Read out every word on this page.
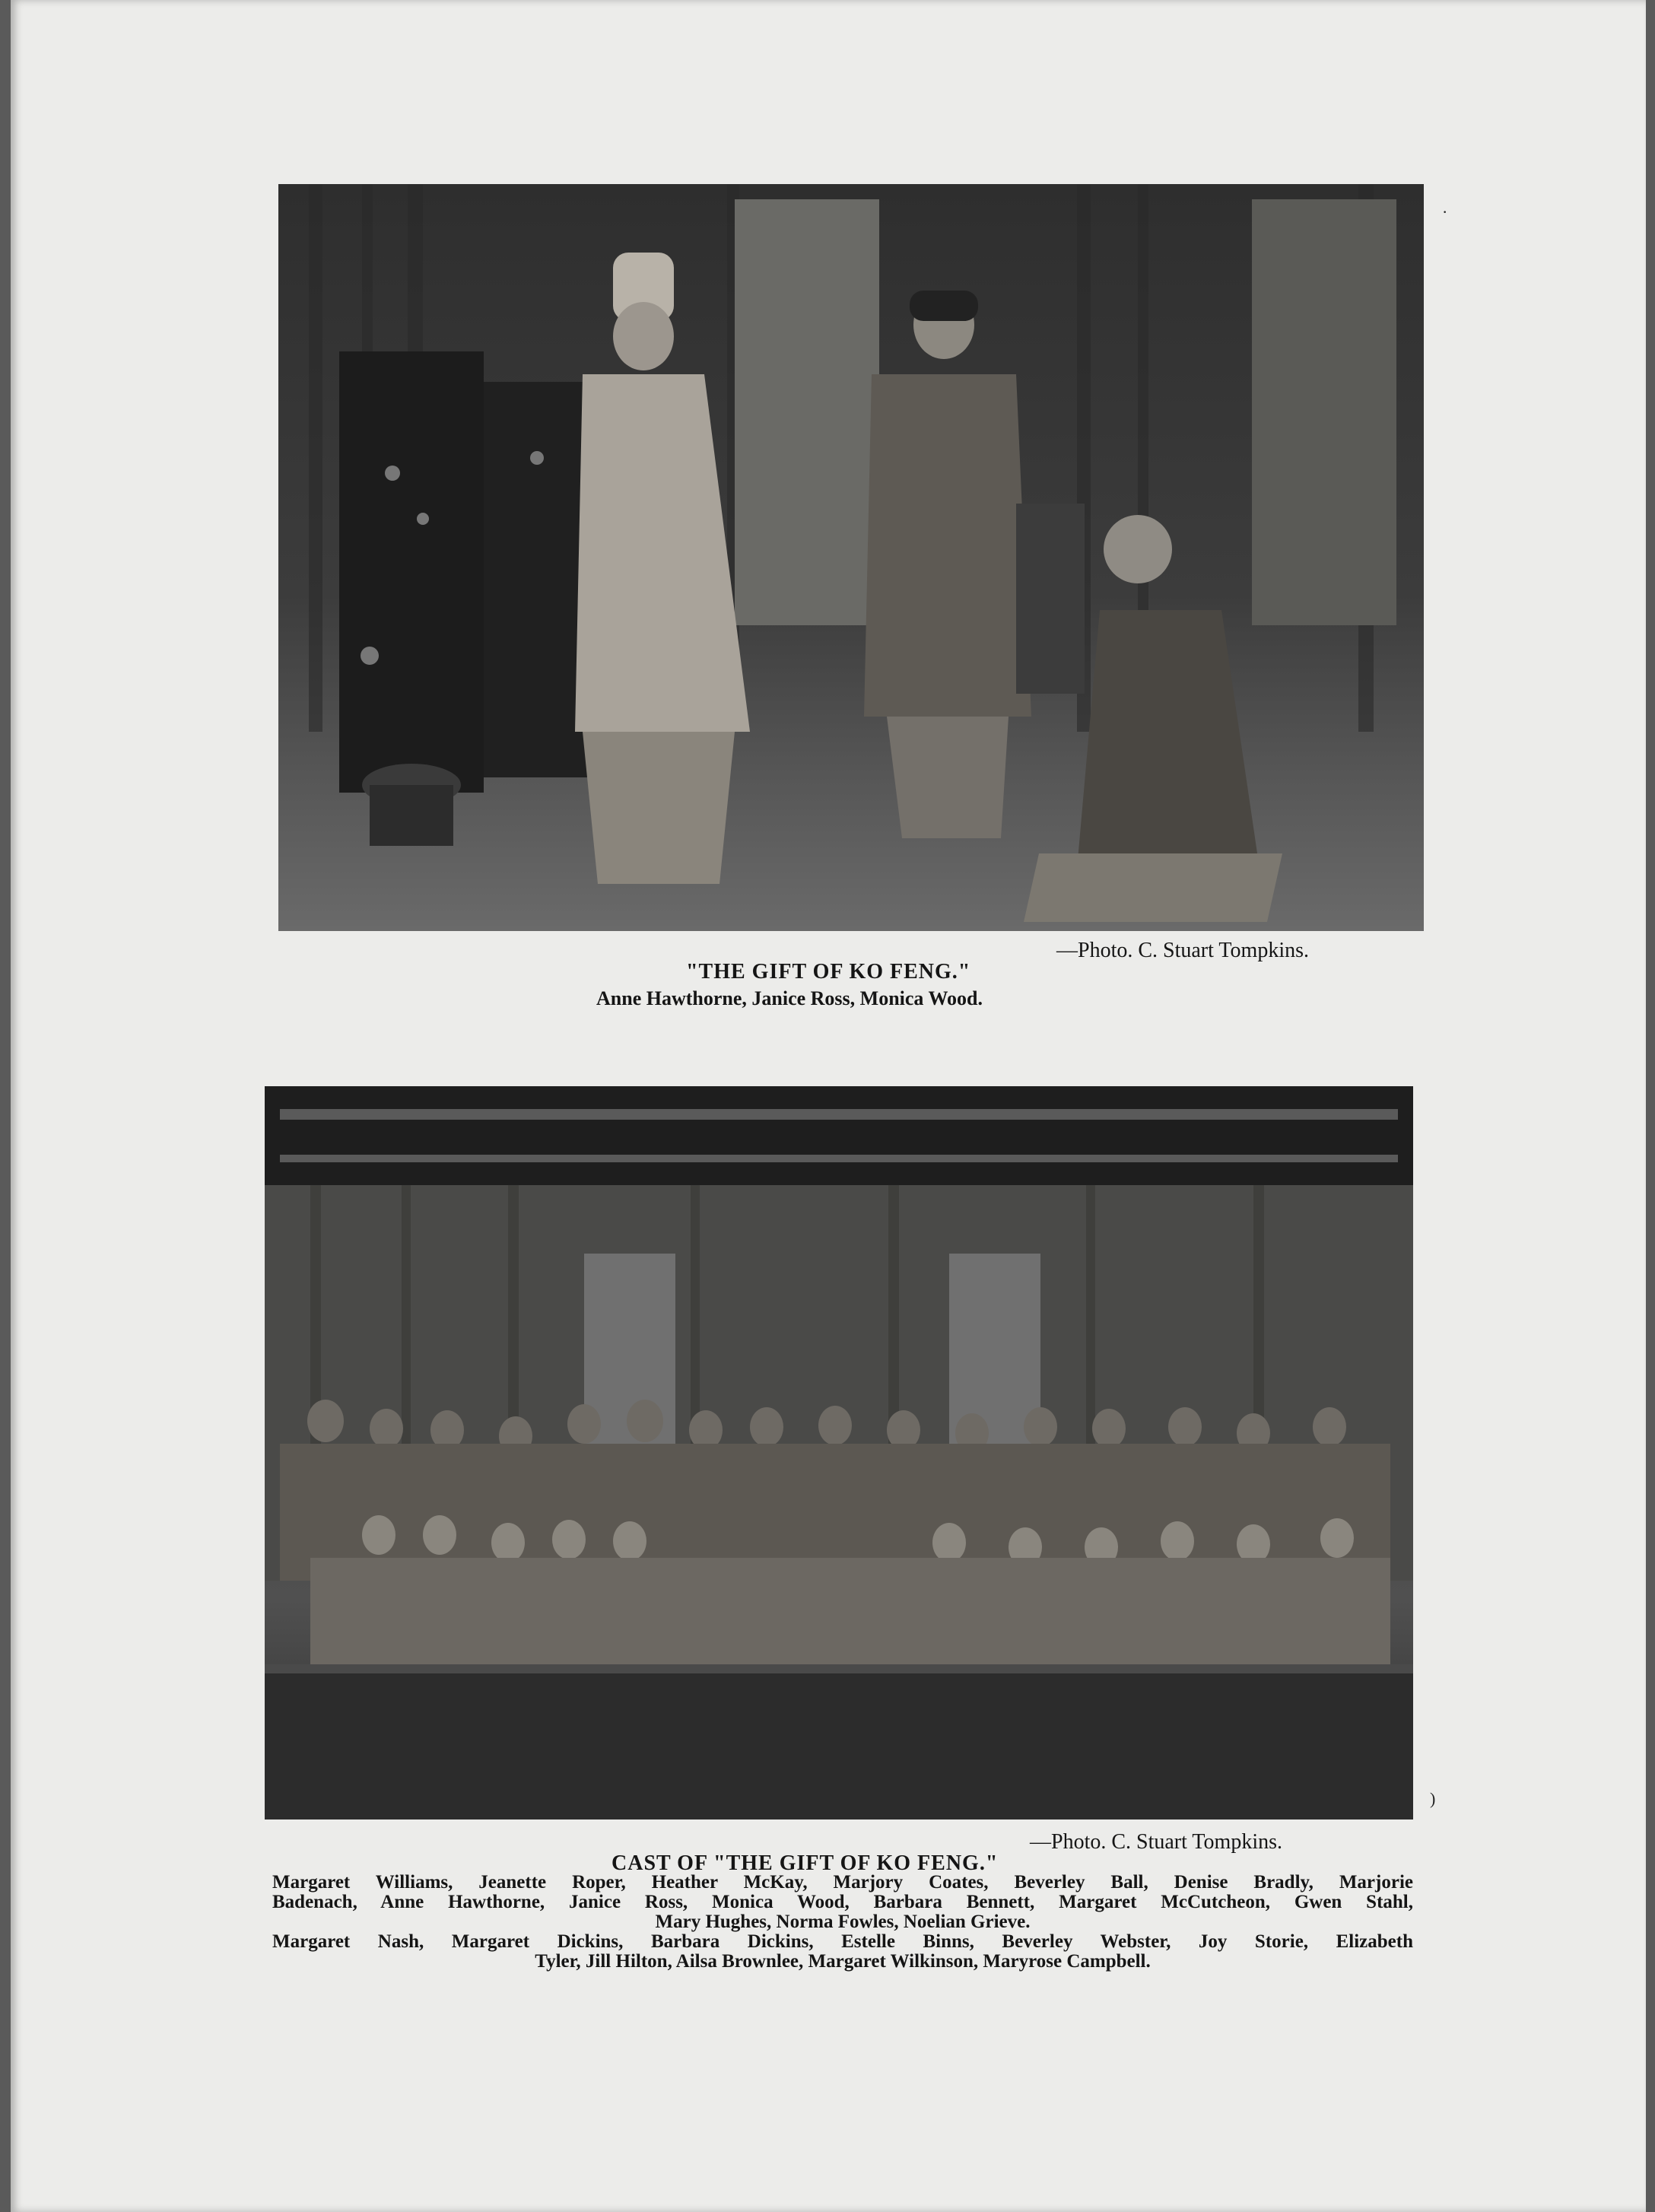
—Photo. C. Stuart Tompkins.
"THE GIFT OF KO FENG."
Anne Hawthorne, Janice Ross, Monica Wood.
—Photo. C. Stuart Tompkins.
CAST OF "THE GIFT OF KO FENG."
Margaret Williams, Jeanette Roper, Heather McKay, Marjory Coates, Beverley Ball, Denise Bradly, Marjorie
Badenach, Anne Hawthorne, Janice Ross, Monica Wood, Barbara Bennett, Margaret McCutcheon, Gwen Stahl,
Mary Hughes, Norma Fowles, Noelian Grieve.
Margaret Nash, Margaret Dickins, Barbara Dickins, Estelle Binns, Beverley Webster, Joy Storie, Elizabeth
Tyler, Jill Hilton, Ailsa Brownlee, Margaret Wilkinson, Maryrose Campbell.
)
·
